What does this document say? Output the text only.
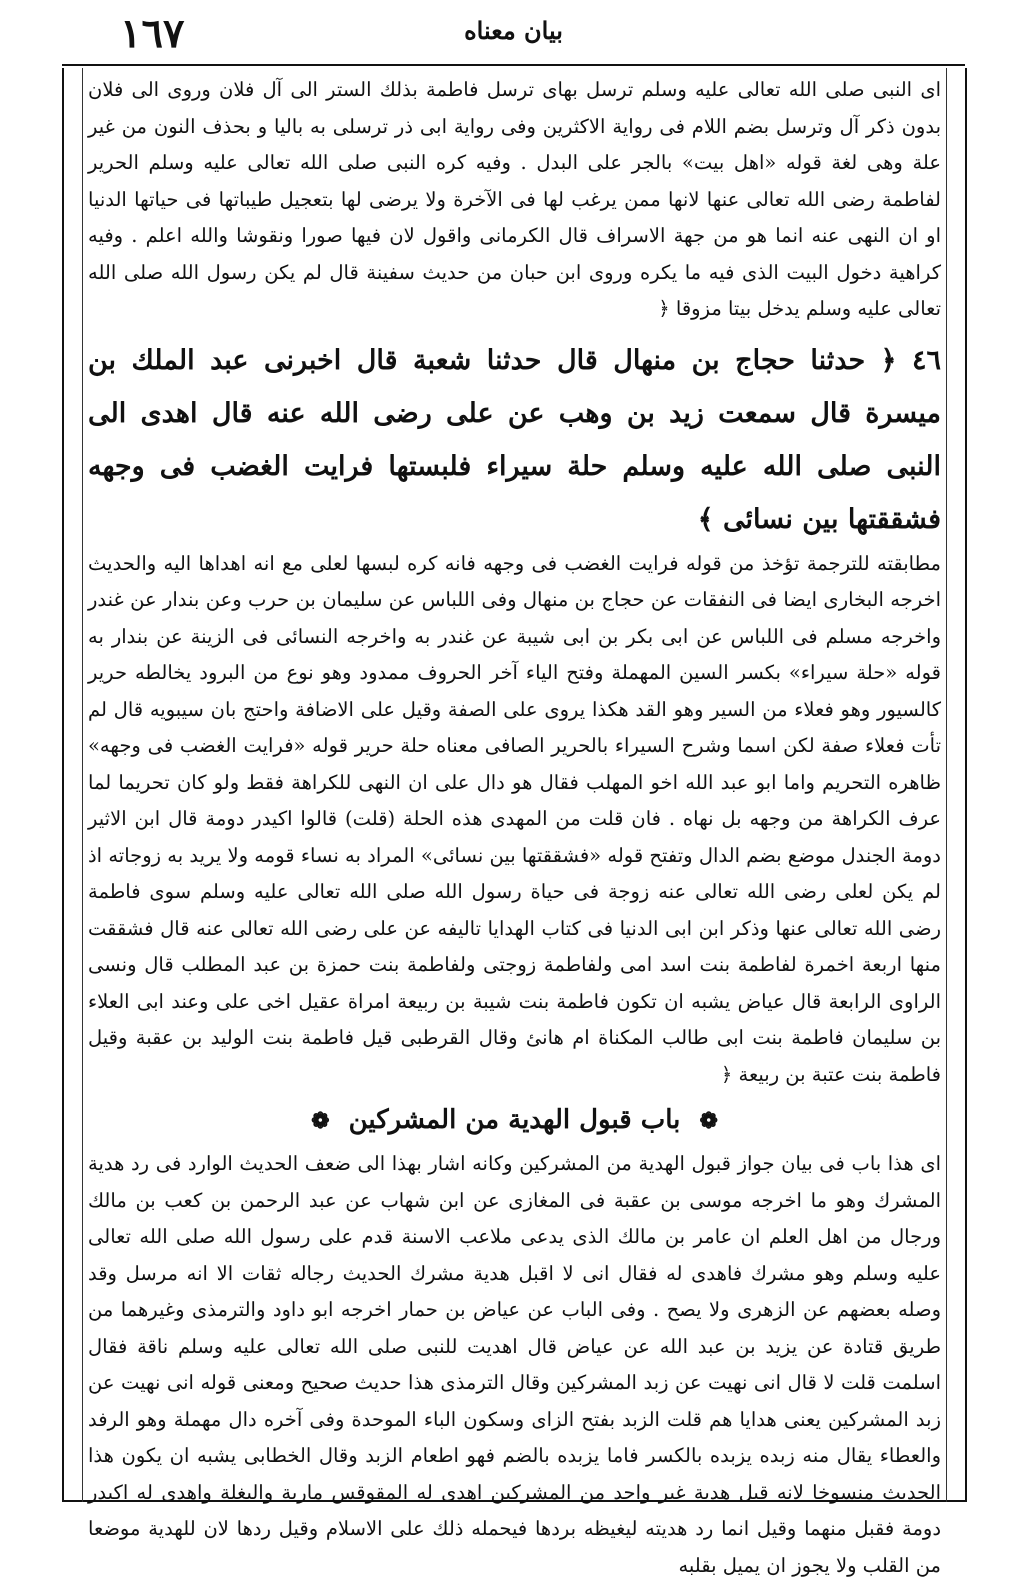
١٦٧	بيان معناه

اى النبى صلى الله تعالى عليه وسلم ترسل بهاى ترسل فاطمة بذلك الستر الى آل فلان وروى الى فلان بدون ذكر آل وترسل بضم اللام فى رواية الاكثرين وفى رواية ابى ذر ترسلى به باليا و بحذف النون من غير علة وهى لغة قوله «اهل بيت» بالجر على البدل . وفيه كره النبى صلى الله تعالى عليه وسلم الحرير لفاطمة رضى الله تعالى عنها لانها ممن يرغب لها فى الآخرة ولا يرضى لها بتعجيل طيباتها فى حياتها الدنيا او ان النهى عنه انما هو من جهة الاسراف قال الكرمانى واقول لان فيها صورا ونقوشا والله اعلم . وفيه كراهية دخول البيت الذى فيه ما يكره وروى ابن حبان من حديث سفينة قال لم يكن رسول الله صلى الله تعالى عليه وسلم يدخل بيتا مزوقا ﴿

٤٦ ﴿ حدثنا حجاج بن منهال قال حدثنا شعبة قال اخبرنى عبد الملك بن ميسرة قال سمعت زيد بن وهب عن على رضى الله عنه قال اهدى الى النبى صلى الله عليه وسلم حلة سيراء فلبستها فرايت الغضب فى وجهه فشققتها بين نسائى ﴾

مطابقته للترجمة تؤخذ من قوله فرايت الغضب فى وجهه فانه كره لبسها لعلى مع انه اهداها اليه والحديث اخرجه البخارى ايضا فى النفقات عن حجاج بن منهال وفى اللباس عن سليمان بن حرب وعن بندار عن غندر واخرجه مسلم فى اللباس عن ابى بكر بن ابى شيبة عن غندر به واخرجه النسائى فى الزينة عن بندار به قوله «حلة سيراء» بكسر السين المهملة وفتح الياء آخر الحروف ممدود وهو نوع من البرود يخالطه حرير كالسيور وهو فعلاء من السير وهو القد هكذا يروى على الصفة وقيل على الاضافة واحتج بان سيبويه قال لم تأت فعلاء صفة لكن اسما وشرح السيراء بالحرير الصافى معناه حلة حرير قوله «فرايت الغضب فى وجهه» ظاهره التحريم واما ابو عبد الله اخو المهلب فقال هو دال على ان النهى للكراهة فقط ولو كان تحريما لما عرف الكراهة من وجهه بل نهاه . فان قلت من المهدى هذه الحلة (قلت) قالوا اكيدر دومة قال ابن الاثير دومة الجندل موضع بضم الدال وتفتح قوله «فشققتها بين نسائى» المراد به نساء قومه ولا يريد به زوجاته اذ لم يكن لعلى رضى الله تعالى عنه زوجة فى حياة رسول الله صلى الله تعالى عليه وسلم سوى فاطمة رضى الله تعالى عنها وذكر ابن ابى الدنيا فى كتاب الهدايا تاليفه عن على رضى الله تعالى عنه قال فشققت منها اربعة اخمرة لفاطمة بنت اسد امى ولفاطمة زوجتى ولفاطمة بنت حمزة بن عبد المطلب قال ونسى الراوى الرابعة قال عياض يشبه ان تكون فاطمة بنت شيبة بن ربيعة امراة عقيل اخى على وعند ابى العلاء بن سليمان فاطمة بنت ابى طالب المكناة ام هانئ وقال القرطبى قيل فاطمة بنت الوليد بن عقبة وقيل فاطمة بنت عتبة بن ربيعة ﴿

❁ باب قبول الهدية من المشركين ❁

اى هذا باب فى بيان جواز قبول الهدية من المشركين وكانه اشار بهذا الى ضعف الحديث الوارد فى رد هدية المشرك وهو ما اخرجه موسى بن عقبة فى المغازى عن ابن شهاب عن عبد الرحمن بن كعب بن مالك ورجال من اهل العلم ان عامر بن مالك الذى يدعى ملاعب الاسنة قدم على رسول الله صلى الله تعالى عليه وسلم وهو مشرك فاهدى له فقال انى لا اقبل هدية مشرك الحديث رجاله ثقات الا انه مرسل وقد وصله بعضهم عن الزهرى ولا يصح . وفى الباب عن عياض بن حمار اخرجه ابو داود والترمذى وغيرهما من طريق قتادة عن يزيد بن عبد الله عن عياض قال اهديت للنبى صلى الله تعالى عليه وسلم ناقة فقال اسلمت قلت لا قال انى نهيت عن زبد المشركين وقال الترمذى هذا حديث صحيح ومعنى قوله انى نهيت عن زبد المشركين يعنى هدايا هم قلت الزبد بفتح الزاى وسكون الباء الموحدة وفى آخره دال مهملة وهو الرفد والعطاء يقال منه زبده يزبده بالكسر فاما يزبده بالضم فهو اطعام الزبد وقال الخطابى يشبه ان يكون هذا الحديث منسوخا لانه قبل هدية غير واحد من المشركين اهدى له المقوقس مارية والبغلة واهدى له اكيدر دومة فقبل منهما وقيل انما رد هديته ليغيظه بردها فيحمله ذلك على الاسلام وقيل ردها لان للهدية موضعا من القلب ولا يجوز ان يميل بقلبه
